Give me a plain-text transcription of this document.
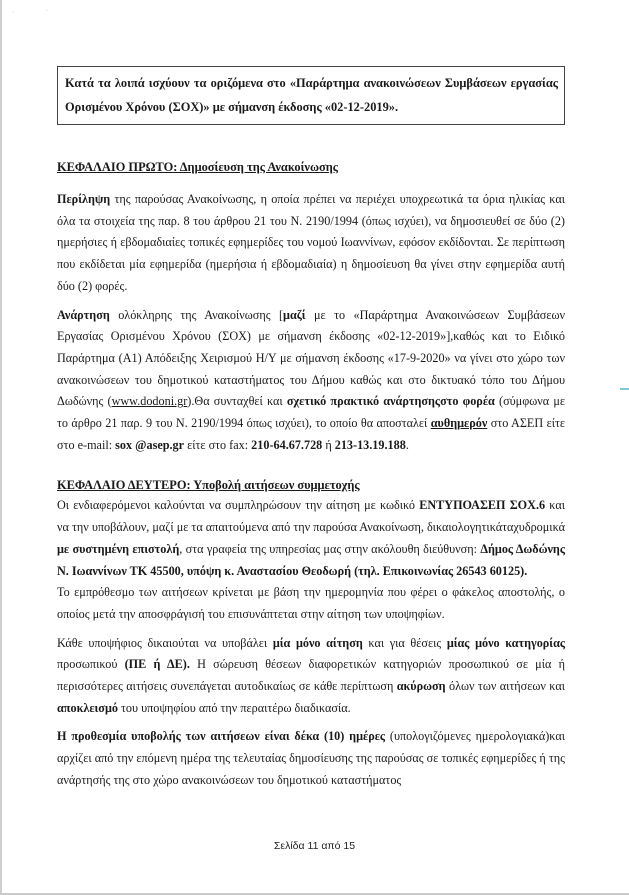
·	·
Κατά τα λοιπά ισχύουν τα οριζόμενα στο «Παράρτημα ανακοινώσεων Συμβάσεων εργασίας Ορισμένου Χρόνου (ΣΟΧ)» με σήμανση έκδοσης «02-12-2019».
ΚΕΦΑΛΑΙΟ ΠΡΩΤΟ: Δημοσίευση της Ανακοίνωσης

Περίληψη της παρούσας Ανακοίνωσης, η οποία πρέπει να περιέχει υποχρεωτικά τα όρια ηλικίας και όλα τα στοιχεία της παρ. 8 του άρθρου 21 του Ν. 2190/1994 (όπως ισχύει), να δημοσιευθεί σε δύο (2) ημερήσιες ή εβδομαδιαίες τοπικές εφημερίδες του νομού Ιωαννίνων, εφόσον εκδίδονται. Σε περίπτωση που εκδίδεται μία εφημερίδα (ημερήσια ή εβδομαδιαία) η δημοσίευση θα γίνει στην εφημερίδα αυτή δύο (2) φορές.

Ανάρτηση ολόκληρης της Ανακοίνωσης [μαζί με το «Παράρτημα Ανακοινώσεων Συμβάσεων Εργασίας Ορισμένου Χρόνου (ΣΟΧ) με σήμανση έκδοσης «02-12-2019»],καθώς και το Ειδικό Παράρτημα (Α1) Απόδειξης Χειρισμού Η/Υ με σήμανση έκδοσης «17-9-2020» να γίνει στο χώρο των ανακοινώσεων του δημοτικού καταστήματος του Δήμου καθώς και στο δικτυακό τόπο του Δήμου Δωδώνης (www.dodoni.gr).Θα συνταχθεί και σχετικό πρακτικό ανάρτησηςστο φορέα (σύμφωνα με το άρθρο 21 παρ. 9 του Ν. 2190/1994 όπως ισχύει), το οποίο θα αποσταλεί αυθημερόν στο ΑΣΕΠ είτε στο e-mail: sox @asep.gr είτε στο fax: 210-64.67.728 ή 213-13.19.188.

ΚΕΦΑΛΑΙΟ ΔΕΥΤΕΡΟ: Υποβολή αιτήσεων συμμετοχής

Οι ενδιαφερόμενοι καλούνται να συμπληρώσουν την αίτηση με κωδικό ΕΝΤΥΠΟΑΣΕΠ ΣΟΧ.6 και να την υποβάλουν, μαζί με τα απαιτούμενα από την παρούσα Ανακοίνωση, δικαιολογητικάταχυδρομικά με συστημένη επιστολή, στα γραφεία της υπηρεσίας μας στην ακόλουθη διεύθυνση: Δήμος Δωδώνης Ν. Ιωαννίνων ΤΚ 45500, υπόψη κ. Αναστασίου Θεοδωρή (τηλ. Επικοινωνίας 26543 60125).

Το εμπρόθεσμο των αιτήσεων κρίνεται με βάση την ημερομηνία που φέρει ο φάκελος αποστολής, ο οποίος μετά την αποσφράγισή του επισυνάπτεται στην αίτηση των υποψηφίων.

Κάθε υποψήφιος δικαιούται να υποβάλει μία μόνο αίτηση και για θέσεις μίας μόνο κατηγορίας προσωπικού (ΠΕ ή ΔΕ). Η σώρευση θέσεων διαφορετικών κατηγοριών προσωπικού σε μία ή περισσότερες αιτήσεις συνεπάγεται αυτοδικαίως σε κάθε περίπτωση ακύρωση όλων των αιτήσεων και αποκλεισμό του υποψηφίου από την περαιτέρω διαδικασία.

Η προθεσμία υποβολής των αιτήσεων είναι δέκα (10) ημέρες (υπολογιζόμενες ημερολογιακά)και αρχίζει από την επόμενη ημέρα της τελευταίας δημοσίευσης της παρούσας σε τοπικές εφημερίδες ή της ανάρτησής της στο χώρο ανακοινώσεων του δημοτικού καταστήματος

Σελίδα 11 από 15
